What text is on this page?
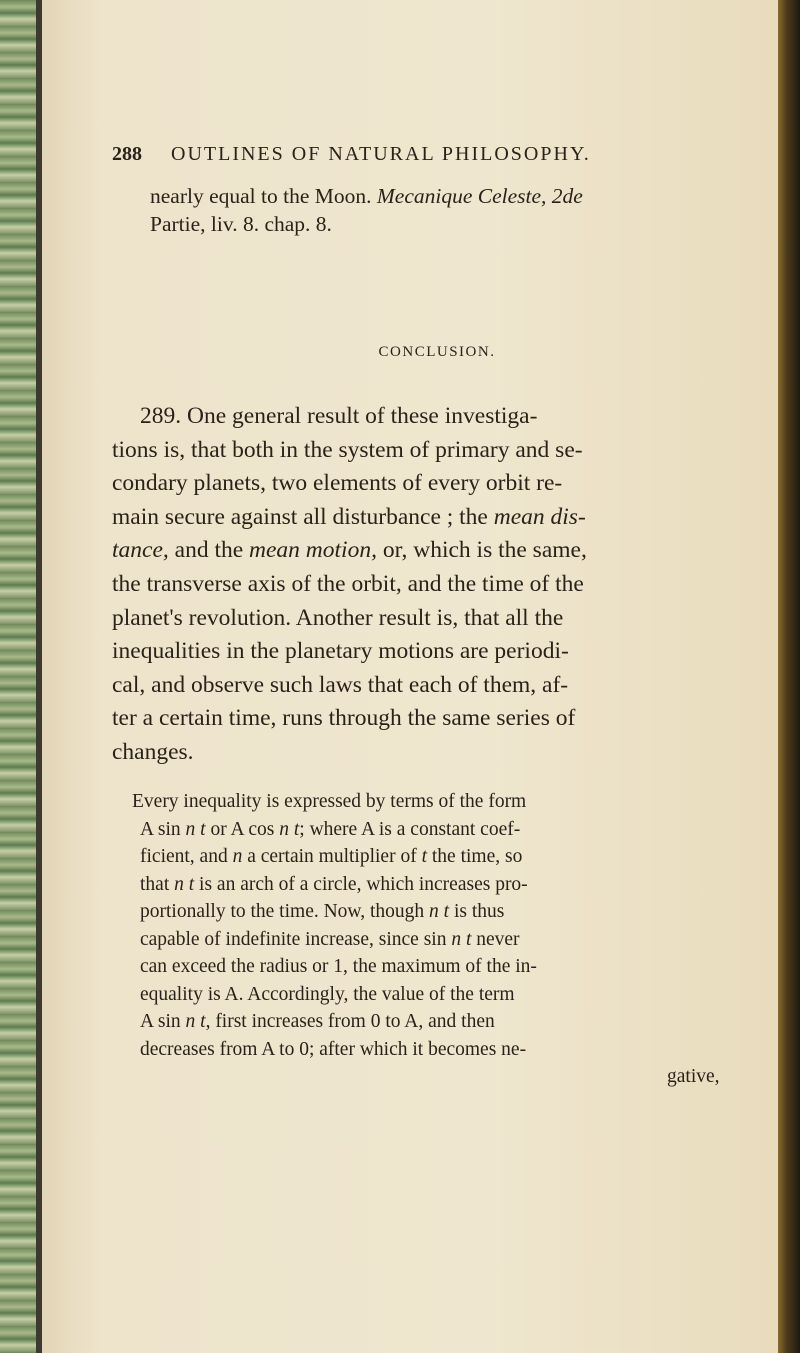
288 OUTLINES OF NATURAL PHILOSOPHY.
nearly equal to the Moon. Mecanique Celeste, 2de
Partie, liv. 8. chap. 8.
CONCLUSION.
289. One general result of these investiga-
tions is, that both in the system of primary and se-
condary planets, two elements of every orbit re-
main secure against all disturbance ; the mean dis-
tance, and the mean motion, or, which is the same,
the transverse axis of the orbit, and the time of the
planet's revolution. Another result is, that all the
inequalities in the planetary motions are periodi-
cal, and observe such laws that each of them, af-
ter a certain time, runs through the same series of
changes.
Every inequality is expressed by terms of the form
A sin n t or A cos n t; where A is a constant coef-
ficient, and n a certain multiplier of t the time, so
that n t is an arch of a circle, which increases pro-
portionally to the time. Now, though n t is thus
capable of indefinite increase, since sin n t never
can exceed the radius or 1, the maximum of the in-
equality is A. Accordingly, the value of the term
A sin n t, first increases from 0 to A, and then
decreases from A to 0; after which it becomes ne-
gative,
